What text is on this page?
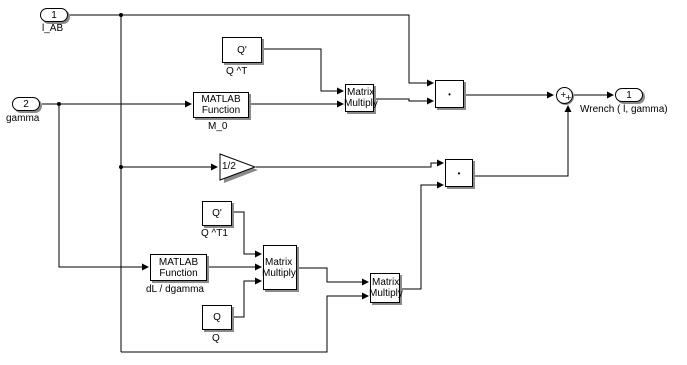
1
l_AB
2
gamma
Q'
Q ^T
MATLAB
Function
M_0
Matrix
Multiply
•	+
+	1
Wrench ( l, gamma)
1/2
•
Q'
Q ^T1
MATLAB
Function
dL / dgamma
Matrix
Multiply
Matrix
Multiply
Q
Q
